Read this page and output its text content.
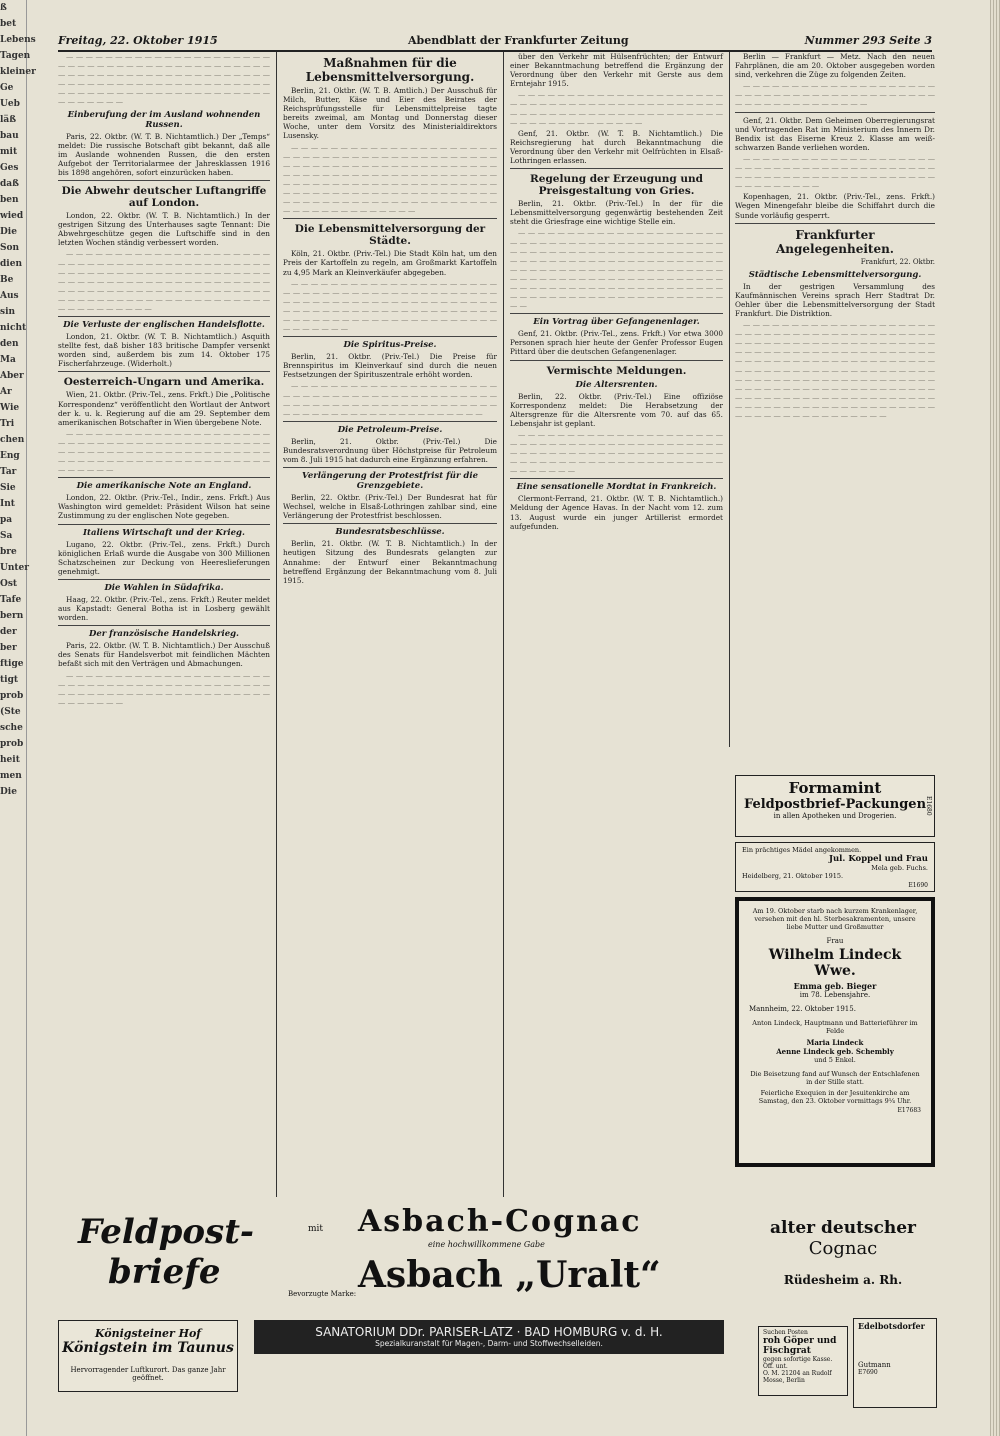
ß
bet
Lebens
Tagen
kleiner
Ge
Ueb
läß
bau
mit
Ges
daß
ben
wied
Die
Son
dien
Be
Aus
sin
nicht
den
Ma
Aber
Ar
Wie
Tri
chen
Eng
Tar
Sie
Int
pa
Sa
bre
Unter
Ost
Tafe
bern
der
ber
ftige
tigt
prob
(Ste
sche
prob
heit
men
Die
Freitag, 22. Oktober 1915	Abendblatt der Frankfurter Zeitung	Nummer 293 Seite 3

— — — — — — — — — — — — — — — — — — — — — — — — — — — — — — — — — — — — — — — — — — — — — — — — — — — — — — — — — — — — — — — — — — — — — — — — — — — — — — — — — — — — — — — — — — — — — — — — — — — — — — — — — — — — — — — — — — — —

Einberufung der im Ausland wohnenden Russen.

Paris, 22. Oktbr. (W. T. B. Nichtamtlich.) Der „Temps“ meldet: Die russische Botschaft gibt bekannt, daß alle im Auslande wohnenden Russen, die den ersten Aufgebot der Territorialarmee der Jahresklassen 1916 bis 1898 angehören, sofort einzurücken haben.

Die Abwehr deutscher Luftangriffe auf London.

London, 22. Oktbr. (W. T. B. Nichtamtlich.) In der gestrigen Sitzung des Unterhauses sagte Tennant: Die Abwehrgeschütze gegen die Luftschiffe sind in den letzten Wochen ständig verbessert worden.

— — — — — — — — — — — — — — — — — — — — — — — — — — — — — — — — — — — — — — — — — — — — — — — — — — — — — — — — — — — — — — — — — — — — — — — — — — — — — — — — — — — — — — — — — — — — — — — — — — — — — — — — — — — — — — — — — — — — — — — — — — — — — — — — — — — — — — — — — — — — —

Die Verluste der englischen Handelsflotte.

London, 21. Oktbr. (W. T. B. Nichtamtlich.) Asquith stellte fest, daß bisher 183 britische Dampfer versenkt worden sind, außerdem bis zum 14. Oktober 175 Fischerfahrzeuge. (Widerholt.)

Oesterreich-Ungarn und Amerika.

Wien, 21. Oktbr. (Priv.-Tel., zens. Frkft.) Die „Politische Korrespondenz“ veröffentlicht den Wortlaut der Antwort der k. u. k. Regierung auf die am 29. September dem amerikanischen Botschafter in Wien übergebene Note.

— — — — — — — — — — — — — — — — — — — — — — — — — — — — — — — — — — — — — — — — — — — — — — — — — — — — — — — — — — — — — — — — — — — — — — — — — — — — — — — — — — — — — — — — — — — — —

Die amerikanische Note an England.

London, 22. Oktbr. (Priv.-Tel., Indir., zens. Frkft.) Aus Washington wird gemeldet: Präsident Wilson hat seine Zustimmung zu der englischen Note gegeben.

Italiens Wirtschaft und der Krieg.

Lugano, 22. Oktbr. (Priv.-Tel., zens. Frkft.) Durch königlichen Erlaß wurde die Ausgabe von 300 Millionen Schatzscheinen zur Deckung von Heereslieferungen genehmigt.

Die Wahlen in Südafrika.

Haag, 22. Oktbr. (Priv.-Tel., zens. Frkft.) Reuter meldet aus Kapstadt: General Botha ist in Losberg gewählt worden.

Der französische Handelskrieg.

Paris, 22. Oktbr. (W. T. B. Nichtamtlich.) Der Ausschuß des Senats für Handelsverbot mit feindlichen Mächten befaßt sich mit den Verträgen und Abmachungen.

— — — — — — — — — — — — — — — — — — — — — — — — — — — — — — — — — — — — — — — — — — — — — — — — — — — — — — — — — — — — — — — — — — — — — — — —

Maßnahmen für die Lebensmittelversorgung.

Berlin, 21. Oktbr. (W. T. B. Amtlich.) Der Ausschuß für Milch, Butter, Käse und Eier des Beirates der Reichsprüfungsstelle für Lebensmittelpreise tagte bereits zweimal, am Montag und Donnerstag dieser Woche, unter dem Vorsitz des Ministerialdirektors Lusensky.

— — — — — — — — — — — — — — — — — — — — — — — — — — — — — — — — — — — — — — — — — — — — — — — — — — — — — — — — — — — — — — — — — — — — — — — — — — — — — — — — — — — — — — — — — — — — — — — — — — — — — — — — — — — — — — — — — — — — — — — — — — — — — — — — — — — — — — — — — — — — — — — — — — — — — — — — — — — — — — — — — — — — — — —

Die Lebensmittelversorgung der Städte.

Köln, 21. Oktbr. (Priv.-Tel.) Die Stadt Köln hat, um den Preis der Kartoffeln zu regeln, am Großmarkt Kartoffeln zu 4,95 Mark an Kleinverkäufer abgegeben.

— — — — — — — — — — — — — — — — — — — — — — — — — — — — — — — — — — — — — — — — — — — — — — — — — — — — — — — — — — — — — — — — — — — — — — — — — — — — — — — — — — — — — — — — — — — — — — — — — — — — — — — — — — — — — — — — — — — —

Die Spiritus-Preise.

Berlin, 21. Oktbr. (Priv.-Tel.) Die Preise für Brennspiritus im Kleinverkauf sind durch die neuen Festsetzungen der Spirituszentrale erhöht worden.

— — — — — — — — — — — — — — — — — — — — — — — — — — — — — — — — — — — — — — — — — — — — — — — — — — — — — — — — — — — — — — — — — — — — — — — — — — — — — — — — — — — — — —

Die Petroleum-Preise.

Berlin, 21. Oktbr. (Priv.-Tel.) Die Bundesratsverordnung über Höchstpreise für Petroleum vom 8. Juli 1915 hat dadurch eine Ergänzung erfahren.

Verlängerung der Protestfrist für die Grenzgebiete.

Berlin, 22. Oktbr. (Priv.-Tel.) Der Bundesrat hat für Wechsel, welche in Elsaß-Lothringen zahlbar sind, eine Verlängerung der Protestfrist beschlossen.

Bundesratsbeschlüsse.

Berlin, 21. Oktbr. (W. T. B. Nichtamtlich.) In der heutigen Sitzung des Bundesrats gelangten zur Annahme: der Entwurf einer Bekanntmachung betreffend Ergänzung der Bekanntmachung vom 8. Juli 1915.

über den Verkehr mit Hülsenfrüchten; der Entwurf einer Bekanntmachung betreffend die Ergänzung der Verordnung über den Verkehr mit Gerste aus dem Erntejahr 1915.

— — — — — — — — — — — — — — — — — — — — — — — — — — — — — — — — — — — — — — — — — — — — — — — — — — — — — — — — — — — — — — — — — — — — — — — — — — — — — — —

Genf, 21. Oktbr. (W. T. B. Nichtamtlich.) Die Reichsregierung hat durch Bekanntmachung die Verordnung über den Verkehr mit Oelfrüchten in Elsaß-Lothringen erlassen.

Regelung der Erzeugung und Preisgestaltung von Gries.

Berlin, 21. Oktbr. (Priv.-Tel.) In der für die Lebensmittelversorgung gegenwärtig bestehenden Zeit steht die Griesfrage eine wichtige Stelle ein.

— — — — — — — — — — — — — — — — — — — — — — — — — — — — — — — — — — — — — — — — — — — — — — — — — — — — — — — — — — — — — — — — — — — — — — — — — — — — — — — — — — — — — — — — — — — — — — — — — — — — — — — — — — — — — — — — — — — — — — — — — — — — — — — — — — — — — — — — — — — — — — — — — — — — — — — — — — — — — — — — — — — — — — — — — — — — — — — — —

Ein Vortrag über Gefangenenlager.

Genf, 21. Oktbr. (Priv.-Tel., zens. Frkft.) Vor etwa 3000 Personen sprach hier heute der Genfer Professor Eugen Pittard über die deutschen Gefangenenlager.

Vermischte Meldungen.
Die Altersrenten.

Berlin, 22. Oktbr. (Priv.-Tel.) Eine offiziöse Korrespondenz meldet: Die Herabsetzung der Altersgrenze für die Altersrente vom 70. auf das 65. Lebensjahr ist geplant.

— — — — — — — — — — — — — — — — — — — — — — — — — — — — — — — — — — — — — — — — — — — — — — — — — — — — — — — — — — — — — — — — — — — — — — — — — — — — — — — — — — — — — — — — — — — — — —

Eine sensationelle Mordtat in Frankreich.

Clermont-Ferrand, 21. Oktbr. (W. T. B. Nichtamtlich.) Meldung der Agence Havas. In der Nacht vom 12. zum 13. August wurde ein junger Artillerist ermordet aufgefunden.

Berlin — Frankfurt — Metz. Nach den neuen Fahrplänen, die am 20. Oktober ausgegeben worden sind, verkehren die Züge zu folgenden Zeiten.

— — — — — — — — — — — — — — — — — — — — — — — — — — — — — — — — — — — — — — — — — — — — — — — — — — — — — — —

Genf, 21. Oktbr. Dem Geheimen Oberregierungsrat und Vortragenden Rat im Ministerium des Innern Dr. Bendix ist das Eiserne Kreuz 2. Klasse am weiß-schwarzen Bande verliehen worden.

— — — — — — — — — — — — — — — — — — — — — — — — — — — — — — — — — — — — — — — — — — — — — — — — — — — — — — — — — — — — — — — — — — — — — — —

Kopenhagen, 21. Oktbr. (Priv.-Tel., zens. Frkft.) Wegen Minengefahr bleibe die Schiffahrt durch die Sunde vorläufig gesperrt.

Frankfurter Angelegenheiten.
Frankfurt, 22. Oktbr.
Städtische Lebensmittelversorgung.

In der gestrigen Versammlung des Kaufmännischen Vereins sprach Herr Stadtrat Dr. Oehler über die Lebensmittelversorgung der Stadt Frankfurt. Die Distriktion.

— — — — — — — — — — — — — — — — — — — — — — — — — — — — — — — — — — — — — — — — — — — — — — — — — — — — — — — — — — — — — — — — — — — — — — — — — — — — — — — — — — — — — — — — — — — — — — — — — — — — — — — — — — — — — — — — — — — — — — — — — — — — — — — — — — — — — — — — — — — — — — — — — — — — — — — — — — — — — — — — — — — — — — — — — — — — — — — — — — — — — — — — — — — — — — — — — — — — — — — — — — — — — — — — — — — — — — — — — — — — — — — — —

Formamint
Feldpostbrief-Packungen
in allen Apotheken und Drogerien.
E1680
Ein prächtiges Mädel angekommen.
Jul. Koppel und Frau
Mela geb. Fuchs.
Heidelberg, 21. Oktober 1915.
E1690
Am 19. Oktober starb nach kurzem Krankenlager, versehen mit den hl. Sterbesakramenten, unsere liebe Mutter und Großmutter
Frau
Wilhelm Lindeck Wwe.
Emma geb. Bieger
im 78. Lebensjahre.
Mannheim, 22. Oktober 1915.
Anton Lindeck, Hauptmann und Batterieführer im Felde
Maria Lindeck
Aenne Lindeck geb. Schembly
und 5 Enkel.
Die Beisetzung fand auf Wunsch der Entschlafenen in der Stille statt.
Feierliche Exequien in der Jesuitenkirche am Samstag, den 23. Oktober vormittags 9¼ Uhr.
E17683
Feldpost-
briefe
mit Asbach-Cognac
eine hochwillkommene Gabe
Asbach „Uralt“
Bevorzugte Marke:
alter deutscher
Cognac
Rüdesheim a. Rh.
Königsteiner Hof
Königstein im Taunus
Hervorragender Luftkurort. Das ganze Jahr geöffnet.
SANATORIUM DDr. PARISER-LATZ · BAD HOMBURG v. d. H.
Spezialkuranstalt für Magen-, Darm- und Stoffwechselleiden.
Suchen Posten
roh Göper und Fischgrat
gegen sofortige Kasse. Off. unt.
O. M. 21204 an Rudolf Mosse, Berlin
Edelbotsdorfer
Gutmann
E7690
